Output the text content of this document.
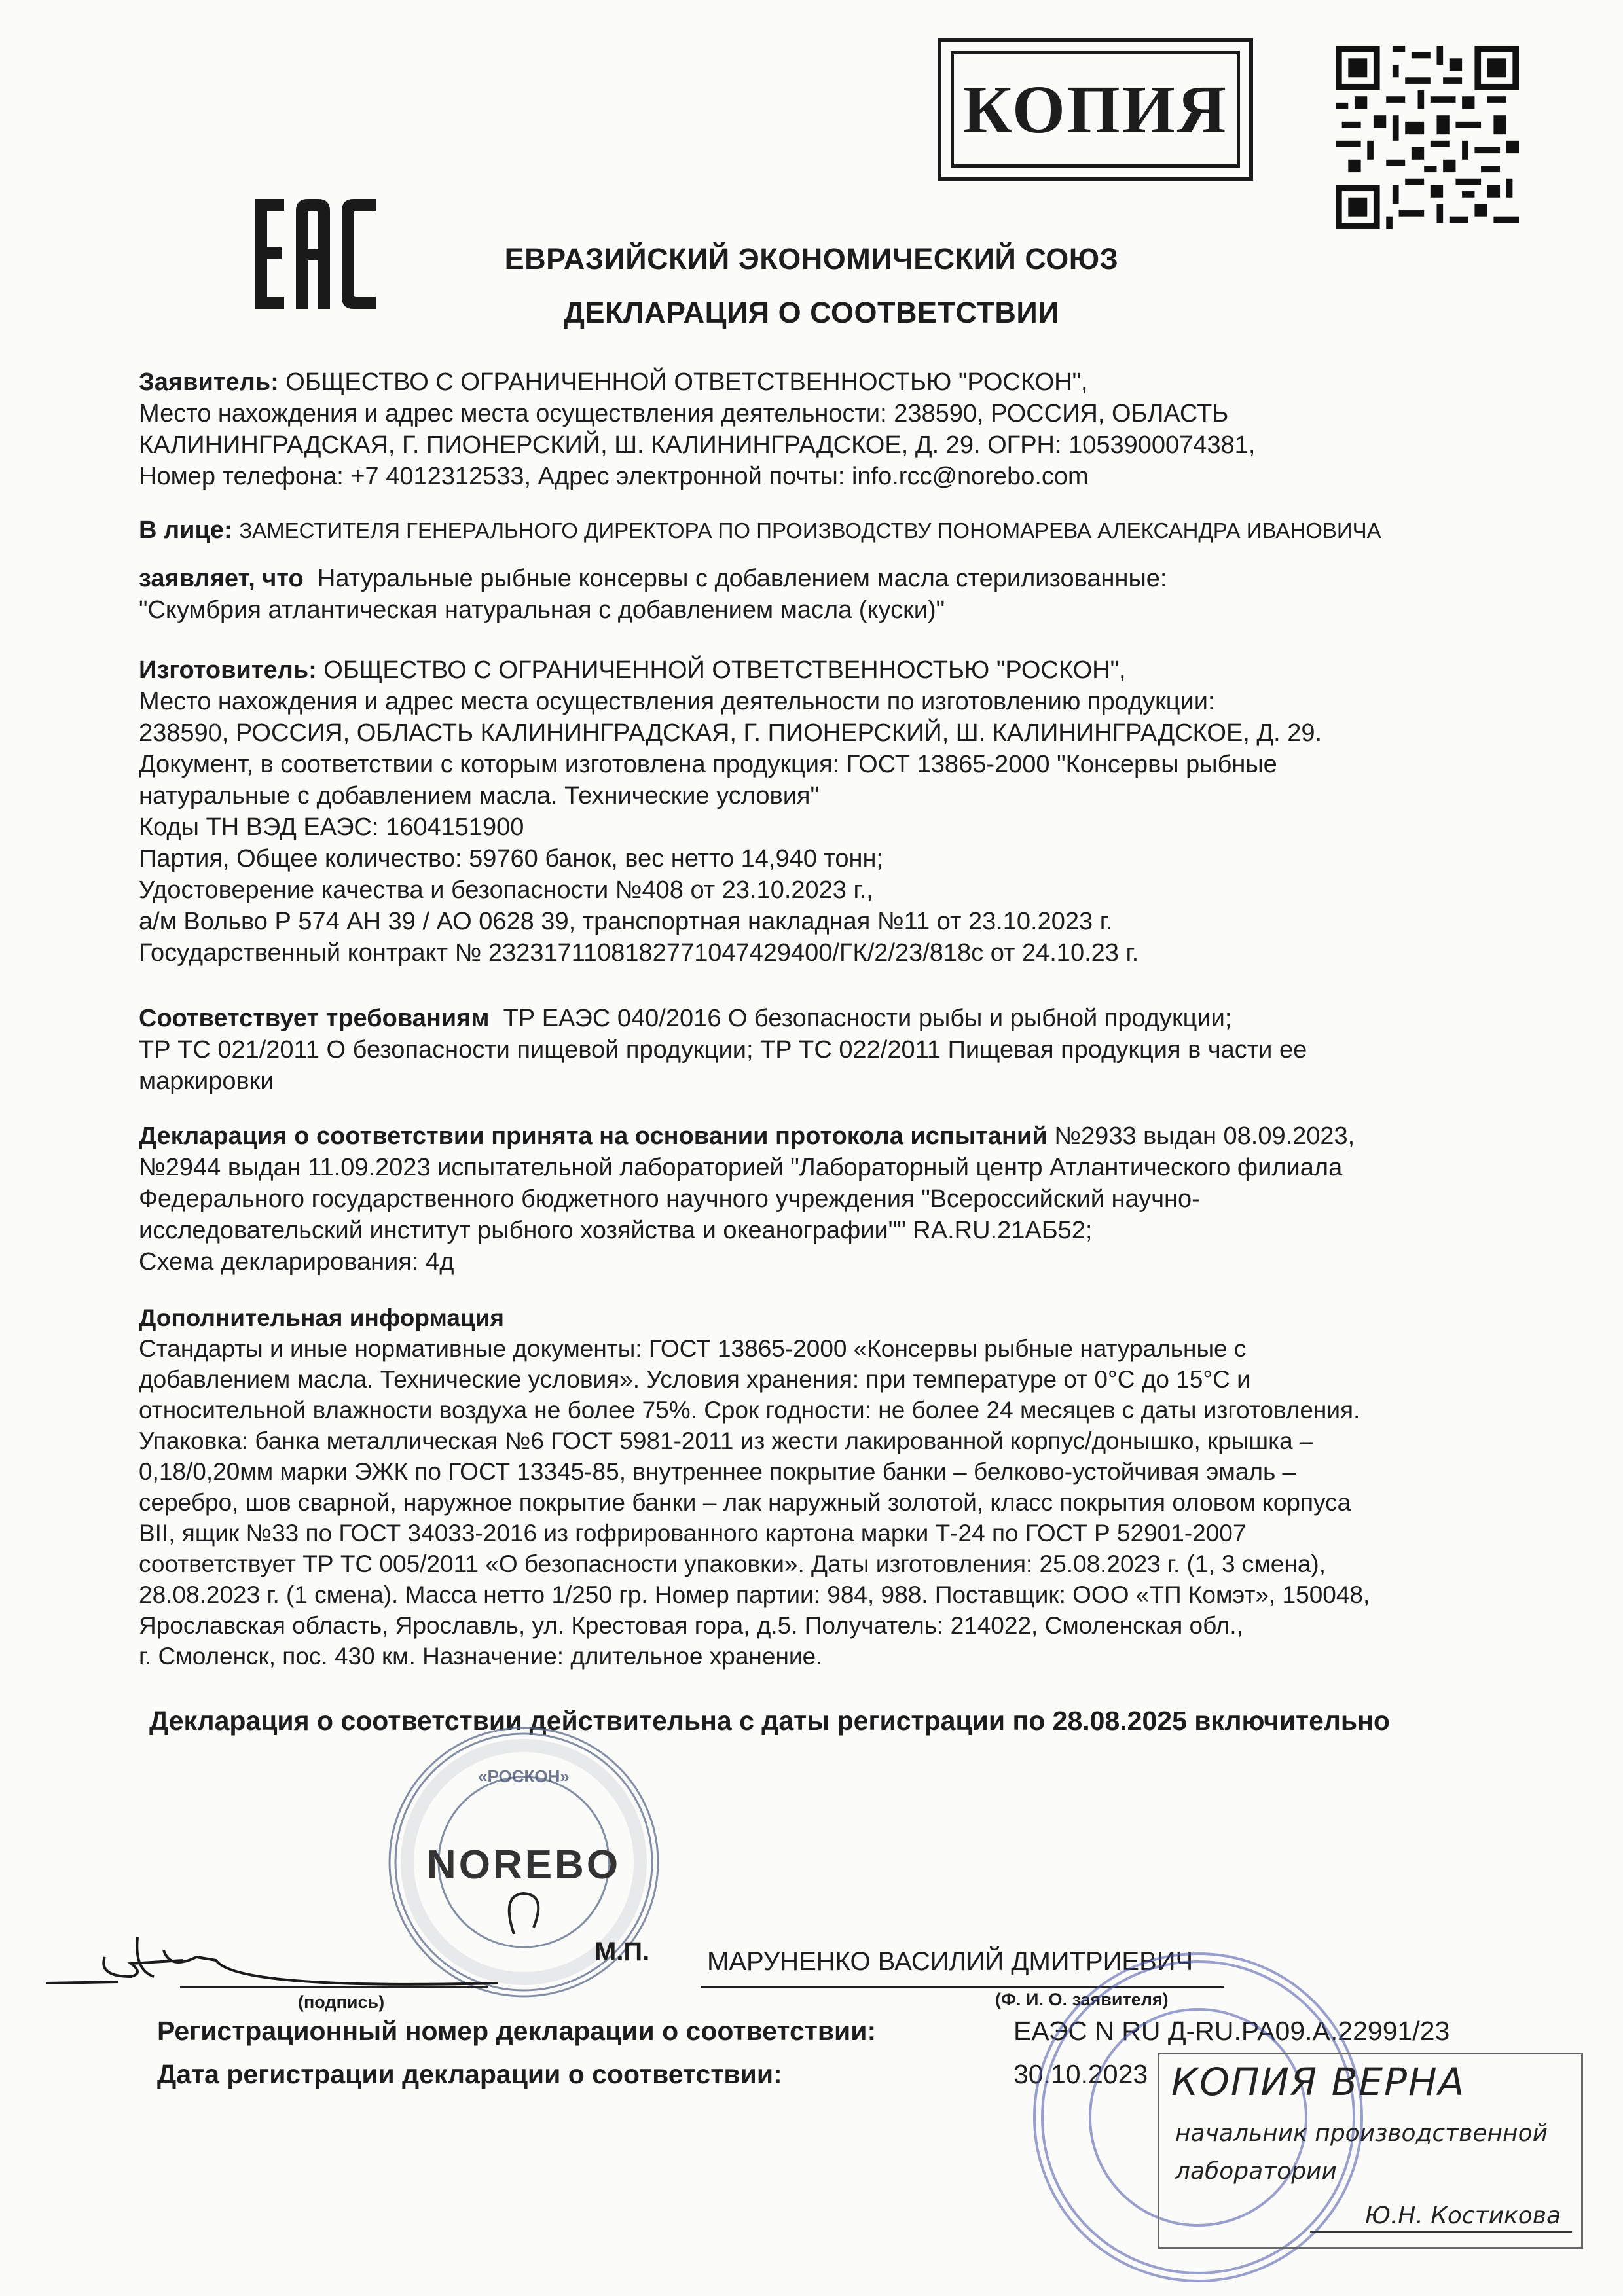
КОПИЯ
ЕВРАЗИЙСКИЙ ЭКОНОМИЧЕСКИЙ СОЮЗ
ДЕКЛАРАЦИЯ О СООТВЕТСТВИИ
Заявитель: ОБЩЕСТВО С ОГРАНИЧЕННОЙ ОТВЕТСТВЕННОСТЬЮ "РОСКОН",
Место нахождения и адрес места осуществления деятельности: 238590, РОССИЯ, ОБЛАСТЬ
КАЛИНИНГРАДСКАЯ, Г. ПИОНЕРСКИЙ, Ш. КАЛИНИНГРАДСКОЕ, Д. 29. ОГРН: 1053900074381,
Номер телефона: +7 4012312533, Адрес электронной почты: info.rcc@norebo.com
В лице: ЗАМЕСТИТЕЛЯ ГЕНЕРАЛЬНОГО ДИРЕКТОРА ПО ПРОИЗВОДСТВУ ПОНОМАРЕВА АЛЕКСАНДРА ИВАНОВИЧА
заявляет, что Натуральные рыбные консервы с добавлением масла стерилизованные:
"Скумбрия атлантическая натуральная с добавлением масла (куски)"
Изготовитель: ОБЩЕСТВО С ОГРАНИЧЕННОЙ ОТВЕТСТВЕННОСТЬЮ "РОСКОН",
Место нахождения и адрес места осуществления деятельности по изготовлению продукции:
238590, РОССИЯ, ОБЛАСТЬ КАЛИНИНГРАДСКАЯ, Г. ПИОНЕРСКИЙ, Ш. КАЛИНИНГРАДСКОЕ, Д. 29.
Документ, в соответствии с которым изготовлена продукция: ГОСТ 13865-2000 "Консервы рыбные
натуральные с добавлением масла. Технические условия"
Коды ТН ВЭД ЕАЭС: 1604151900
Партия, Общее количество: 59760 банок, вес нетто 14,940 тонн;
Удостоверение качества и безопасности №408 от 23.10.2023 г.,
а/м Вольво Р 574 АН 39 / АО 0628 39, транспортная накладная №11 от 23.10.2023 г.
Государственный контракт № 2323171108182771047429400/ГК/2/23/818с от 24.10.23 г.
Соответствует требованиям ТР ЕАЭС 040/2016 О безопасности рыбы и рыбной продукции;
ТР ТС 021/2011 О безопасности пищевой продукции; ТР ТС 022/2011 Пищевая продукция в части ее
маркировки
Декларация о соответствии принята на основании протокола испытаний №2933 выдан 08.09.2023,
№2944 выдан 11.09.2023 испытательной лабораторией "Лабораторный центр Атлантического филиала
Федерального государственного бюджетного научного учреждения "Всероссийский научно-
исследовательский институт рыбного хозяйства и океанографии"" RA.RU.21АБ52;
Схема декларирования: 4д
Дополнительная информация
Стандарты и иные нормативные документы: ГОСТ 13865-2000 «Консервы рыбные натуральные с
добавлением масла. Технические условия». Условия хранения: при температуре от 0°С до 15°С и
относительной влажности воздуха не более 75%. Срок годности: не более 24 месяцев с даты изготовления.
Упаковка: банка металлическая №6 ГОСТ 5981-2011 из жести лакированной корпус/донышко, крышка –
0,18/0,20мм марки ЭЖК по ГОСТ 13345-85, внутреннее покрытие банки – белково-устойчивая эмаль –
серебро, шов сварной, наружное покрытие банки – лак наружный золотой, класс покрытия оловом корпуса
BII, ящик №33 по ГОСТ 34033-2016 из гофрированного картона марки Т-24 по ГОСТ Р 52901-2007
соответствует ТР ТС 005/2011 «О безопасности упаковки». Даты изготовления: 25.08.2023 г. (1, 3 смена),
28.08.2023 г. (1 смена). Масса нетто 1/250 гр. Номер партии: 984, 988. Поставщик: ООО «ТП Комэт», 150048,
Ярославская область, Ярославль, ул. Крестовая гора, д.5. Получатель: 214022, Смоленская обл.,
г. Смоленск, пос. 430 км. Назначение: длительное хранение.
Декларация о соответствии действительна с даты регистрации по 28.08.2025 включительно
«РОСКОН»
NOREBO
(подпись)
М.П. МАРУНЕНКО ВАСИЛИЙ ДМИТРИЕВИЧ
(Ф. И. О. заявителя)
Регистрационный номер декларации о соответствии:	ЕАЭС N RU Д-RU.PA09.A.22991/23
Дата регистрации декларации о соответствии:	30.10.2023 КОПИЯ ВЕРНА
начальник производственной
лаборатории
Ю.Н. Костикова
